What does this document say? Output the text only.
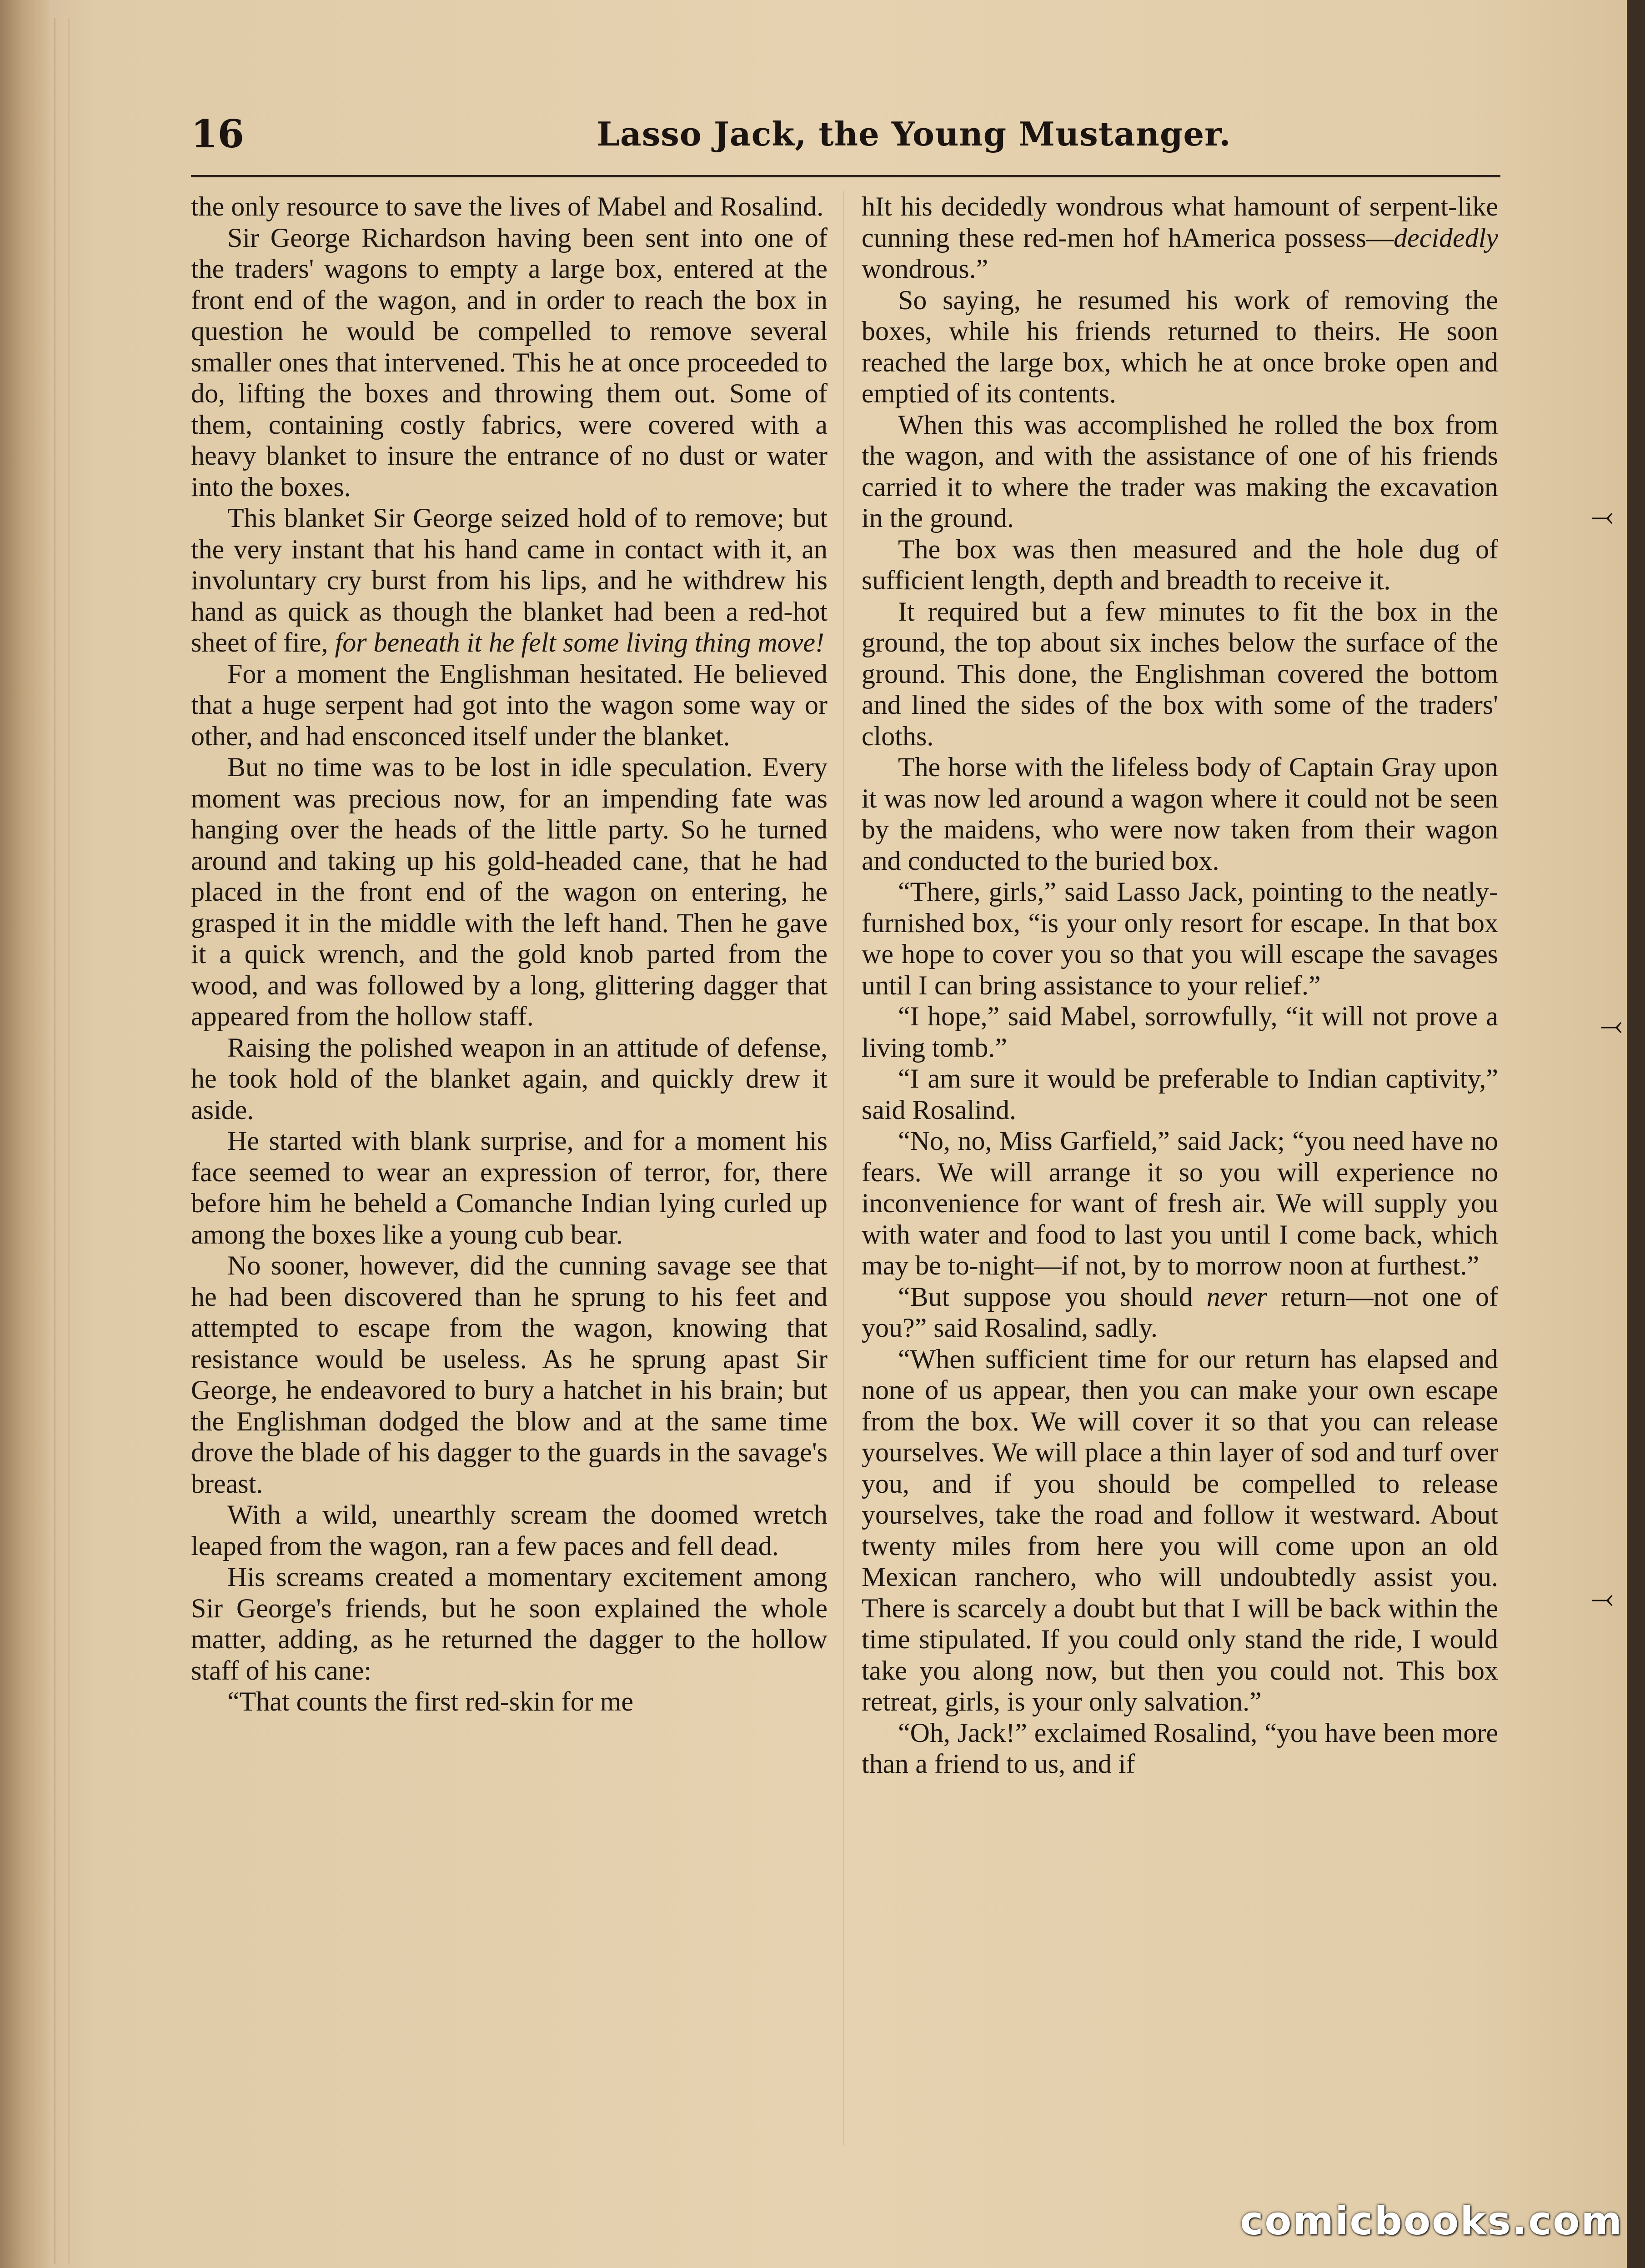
16	Lasso Jack, the Young Mustanger.

the only resource to save the lives of Mabel and Rosalind.

Sir George Richardson having been sent into one of the traders' wagons to empty a large box, entered at the front end of the wagon, and in order to reach the box in question he would be compelled to remove several smaller ones that intervened. This he at once proceeded to do, lifting the boxes and throwing them out. Some of them, containing costly fabrics, were covered with a heavy blanket to insure the entrance of no dust or water into the boxes.

This blanket Sir George seized hold of to remove; but the very instant that his hand came in contact with it, an involuntary cry burst from his lips, and he withdrew his hand as quick as though the blanket had been a red-hot sheet of fire, for beneath it he felt some living thing move!

For a moment the Englishman hesitated. He believed that a huge serpent had got into the wagon some way or other, and had ensconced itself under the blanket.

But no time was to be lost in idle speculation. Every moment was precious now, for an impending fate was hanging over the heads of the little party. So he turned around and taking up his gold-headed cane, that he had placed in the front end of the wagon on entering, he grasped it in the middle with the left hand. Then he gave it a quick wrench, and the gold knob parted from the wood, and was followed by a long, glittering dagger that appeared from the hollow staff.

Raising the polished weapon in an attitude of defense, he took hold of the blanket again, and quickly drew it aside.

He started with blank surprise, and for a moment his face seemed to wear an expression of terror, for, there before him he beheld a Comanche Indian lying curled up among the boxes like a young cub bear.

No sooner, however, did the cunning savage see that he had been discovered than he sprung to his feet and attempted to escape from the wagon, knowing that resistance would be useless. As he sprung apast Sir George, he endeavored to bury a hatchet in his brain; but the Englishman dodged the blow and at the same time drove the blade of his dagger to the guards in the savage's breast.

With a wild, unearthly scream the doomed wretch leaped from the wagon, ran a few paces and fell dead.

His screams created a momentary excitement among Sir George's friends, but he soon explained the whole matter, adding, as he returned the dagger to the hollow staff of his cane:

“That counts the first red-skin for me

hIt his decidedly wondrous what hamount of serpent-like cunning these red-men hof hAmerica possess—decidedly wondrous.”

So saying, he resumed his work of removing the boxes, while his friends returned to theirs. He soon reached the large box, which he at once broke open and emptied of its contents.

When this was accomplished he rolled the box from the wagon, and with the assistance of one of his friends carried it to where the trader was making the excavation in the ground.

The box was then measured and the hole dug of sufficient length, depth and breadth to receive it.

It required but a few minutes to fit the box in the ground, the top about six inches below the surface of the ground. This done, the Englishman covered the bottom and lined the sides of the box with some of the traders' cloths.

The horse with the lifeless body of Captain Gray upon it was now led around a wagon where it could not be seen by the maidens, who were now taken from their wagon and conducted to the buried box.

“There, girls,” said Lasso Jack, pointing to the neatly-furnished box, “is your only resort for escape. In that box we hope to cover you so that you will escape the savages until I can bring assistance to your relief.”

“I hope,” said Mabel, sorrowfully, “it will not prove a living tomb.”

“I am sure it would be preferable to Indian captivity,” said Rosalind.

“No, no, Miss Garfield,” said Jack; “you need have no fears. We will arrange it so you will experience no inconvenience for want of fresh air. We will supply you with water and food to last you until I come back, which may be to-night—if not, by to morrow noon at furthest.”

“But suppose you should never return—not one of you?” said Rosalind, sadly.

“When sufficient time for our return has elapsed and none of us appear, then you can make your own escape from the box. We will cover it so that you can release yourselves. We will place a thin layer of sod and turf over you, and if you should be compelled to release yourselves, take the road and follow it westward. About twenty miles from here you will come upon an old Mexican ranchero, who will undoubtedly assist you. There is scarcely a doubt but that I will be back within the time stipulated. If you could only stand the ride, I would take you along now, but then you could not. This box retreat, girls, is your only salvation.”

“Oh, Jack!” exclaimed Rosalind, “you have been more than a friend to us, and if

⤙
⤙
⤙
comicbooks.com
